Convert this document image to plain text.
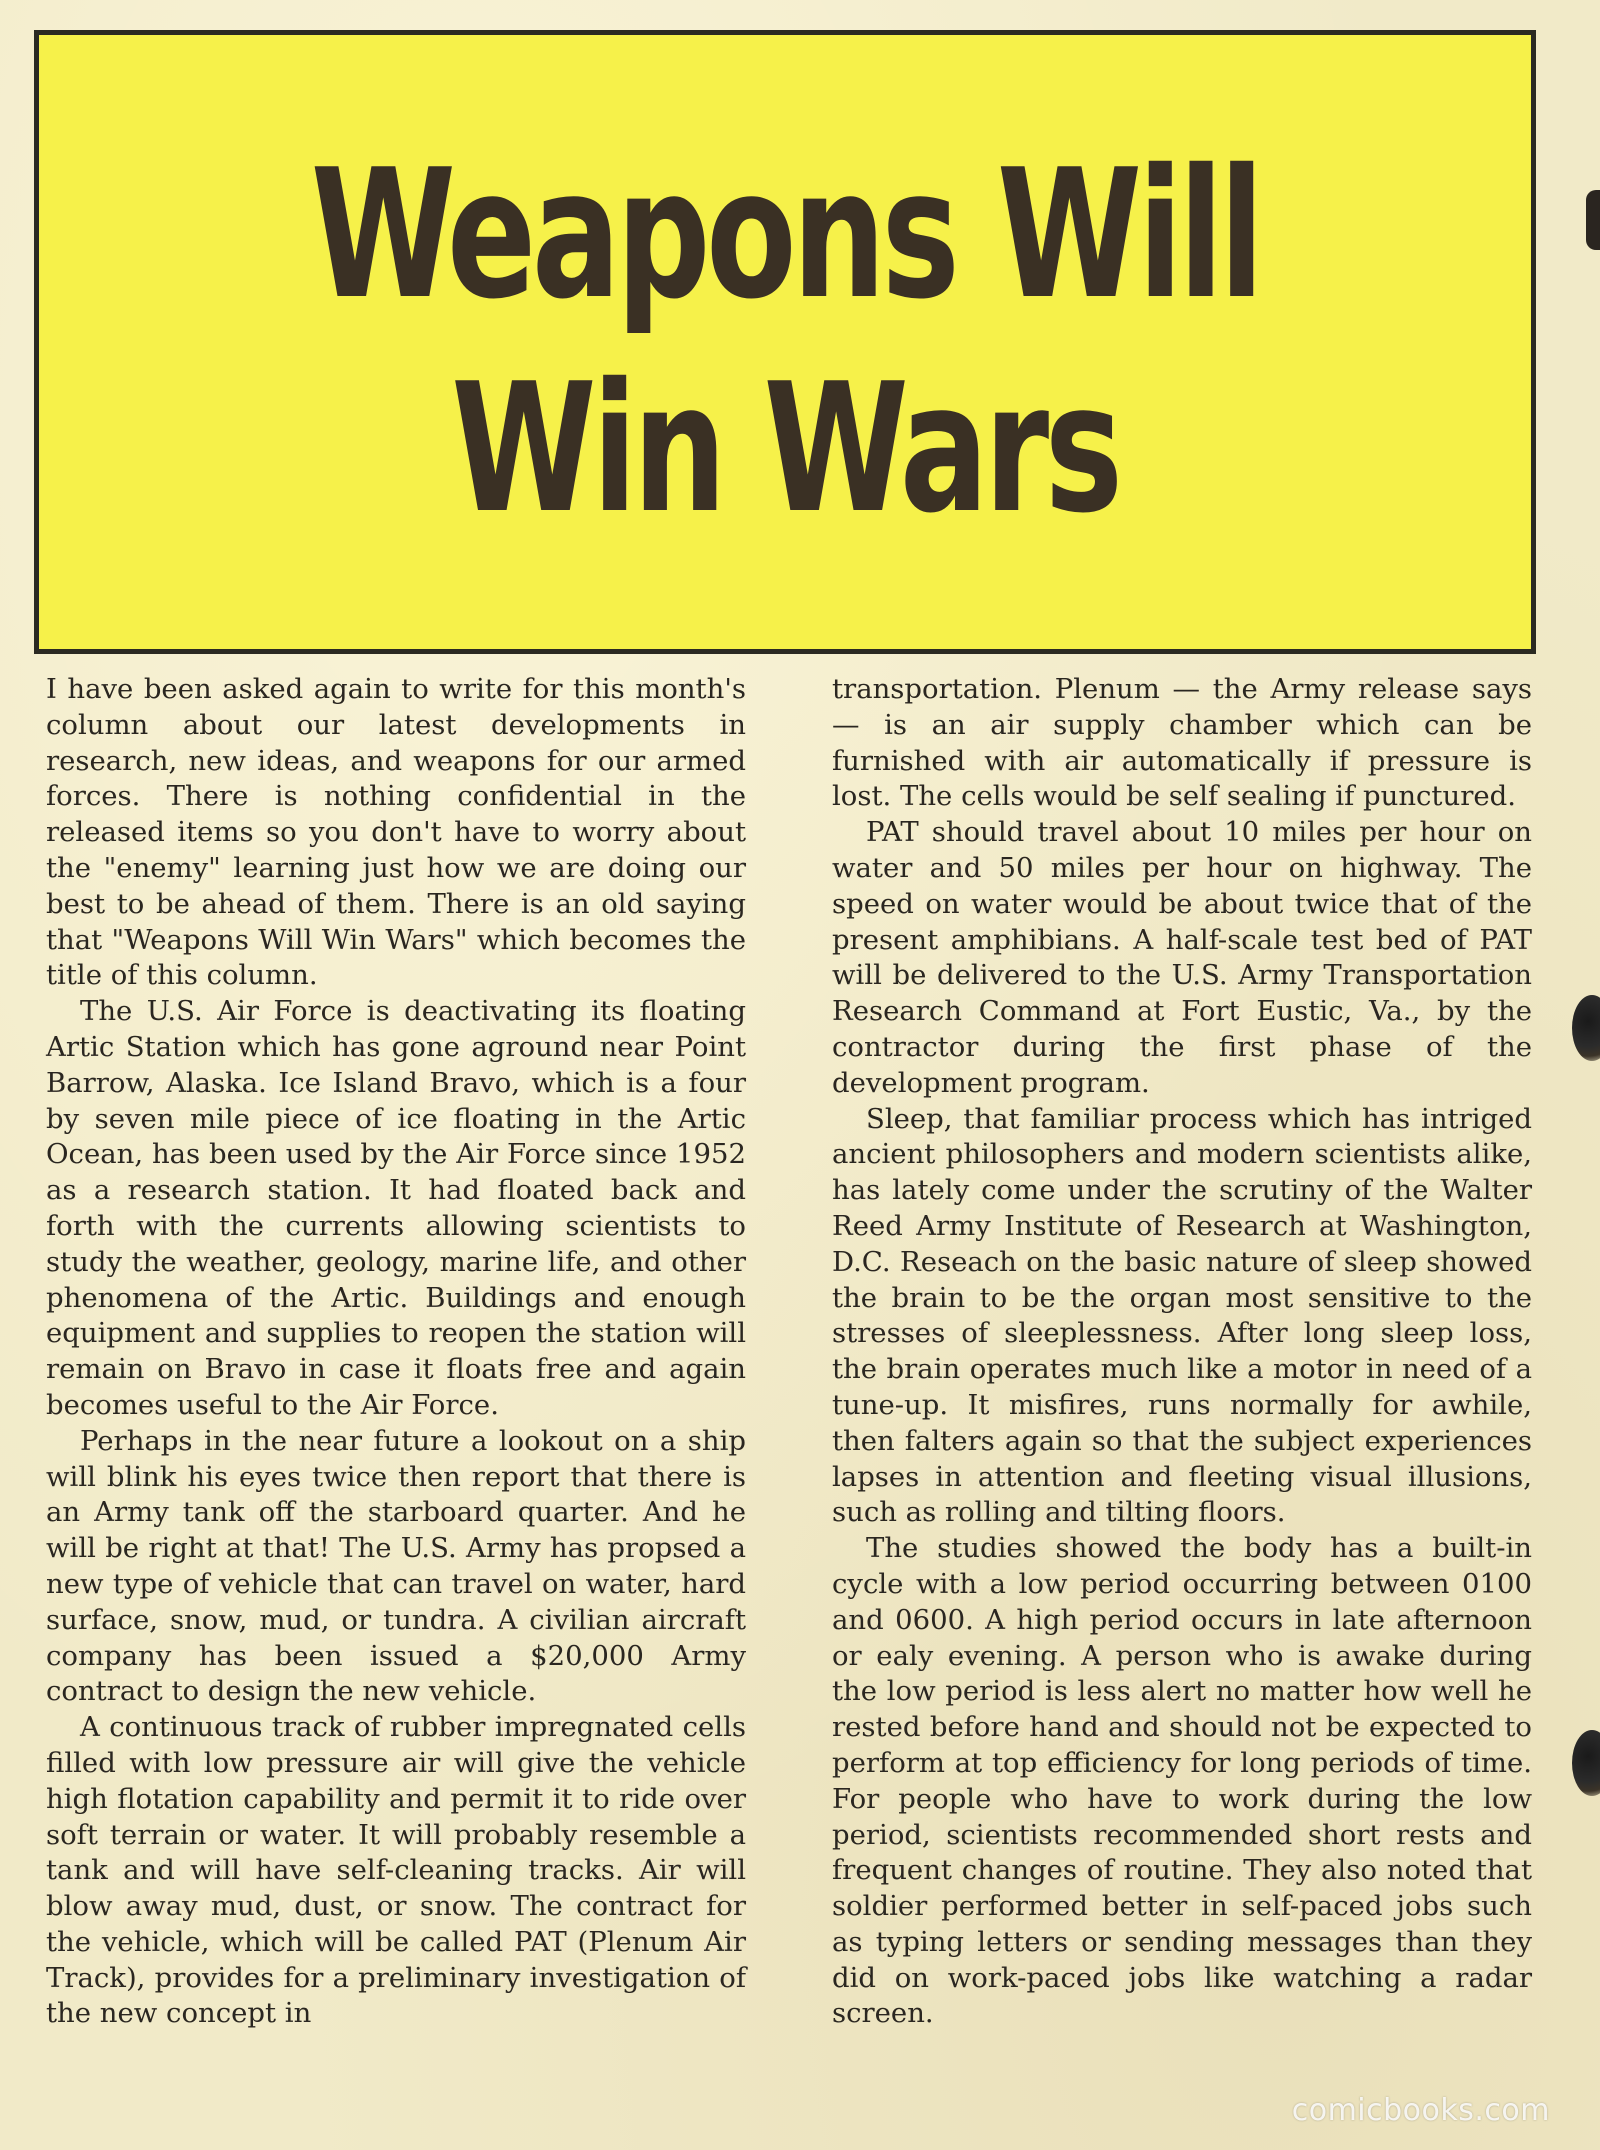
Weapons Will
Win Wars

I have been asked again to write for this month's column about our latest developments in research, new ideas, and weapons for our armed forces. There is nothing confidential in the released items so you don't have to worry about the "enemy" learning just how we are doing our best to be ahead of them. There is an old saying that "Weapons Will Win Wars" which becomes the title of this column.

The U.S. Air Force is deactivating its floating Artic Station which has gone aground near Point Barrow, Alaska. Ice Island Bravo, which is a four by seven mile piece of ice floating in the Artic Ocean, has been used by the Air Force since 1952 as a research station. It had floated back and forth with the currents allowing scientists to study the weather, geology, marine life, and other phenomena of the Artic. Buildings and enough equipment and supplies to reopen the station will remain on Bravo in case it floats free and again becomes useful to the Air Force.

Perhaps in the near future a lookout on a ship will blink his eyes twice then report that there is an Army tank off the starboard quarter. And he will be right at that! The U.S. Army has propsed a new type of vehicle that can travel on water, hard surface, snow, mud, or tundra. A civilian aircraft company has been issued a $20,000 Army contract to design the new vehicle.

A continuous track of rubber impregnated cells filled with low pressure air will give the vehicle high flotation capability and permit it to ride over soft terrain or water. It will probably resemble a tank and will have self-cleaning tracks. Air will blow away mud, dust, or snow. The contract for the vehicle, which will be called PAT (Plenum Air Track), provides for a preliminary investigation of the new concept in

transportation. Plenum — the Army release says — is an air supply chamber which can be furnished with air automatically if pressure is lost. The cells would be self sealing if punctured.

PAT should travel about 10 miles per hour on water and 50 miles per hour on highway. The speed on water would be about twice that of the present amphibians. A half-scale test bed of PAT will be delivered to the U.S. Army Transportation Research Command at Fort Eustic, Va., by the contractor during the first phase of the development program.

Sleep, that familiar process which has intriged ancient philosophers and modern scientists alike, has lately come under the scrutiny of the Walter Reed Army Institute of Research at Washington, D.C. Reseach on the basic nature of sleep showed the brain to be the organ most sensitive to the stresses of sleeplessness. After long sleep loss, the brain operates much like a motor in need of a tune-up. It misfires, runs normally for awhile, then falters again so that the subject experiences lapses in attention and fleeting visual illusions, such as rolling and tilting floors.

The studies showed the body has a built-in cycle with a low period occurring between 0100 and 0600. A high period occurs in late afternoon or ealy evening. A person who is awake during the low period is less alert no matter how well he rested before hand and should not be expected to perform at top efficiency for long periods of time. For people who have to work during the low period, scientists recommended short rests and frequent changes of routine. They also noted that soldier performed better in self-paced jobs such as typing letters or sending messages than they did on work-paced jobs like watching a radar screen.

comicbooks.com
